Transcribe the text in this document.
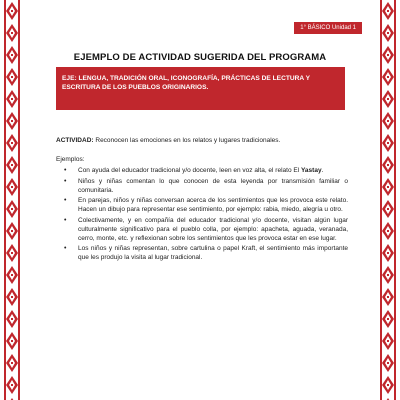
1° BÁSICO Unidad 1
EJEMPLO DE ACTIVIDAD SUGERIDA DEL PROGRAMA
EJE: LENGUA, TRADICIÓN ORAL, ICONOGRAFÍA, PRÁCTICAS DE LECTURA Y ESCRITURA DE LOS PUEBLOS ORIGINARIOS.

ACTIVIDAD: Reconocen las emociones en los relatos y lugares tradicionales.

Ejemplos:

• Con ayuda del educador tradicional y/o docente, leen en voz alta, el relato El Yastay.
• Niños y niñas comentan lo que conocen de esta leyenda por transmisión familiar o comunitaria.
• En parejas, niños y niñas conversan acerca de los sentimientos que les provoca este relato. Hacen un dibujo para representar ese sentimiento, por ejemplo: rabia, miedo, alegría u otro.
• Colectivamente, y en compañía del educador tradicional y/o docente, visitan algún lugar culturalmente significativo para el pueblo colla, por ejemplo: apacheta, aguada, veranada, cerro, monte, etc. y reflexionan sobre los sentimientos que les provoca estar en ese lugar.
• Los niños y niñas representan, sobre cartulina o papel Kraft, el sentimiento más importante que les produjo la visita al lugar tradicional.
